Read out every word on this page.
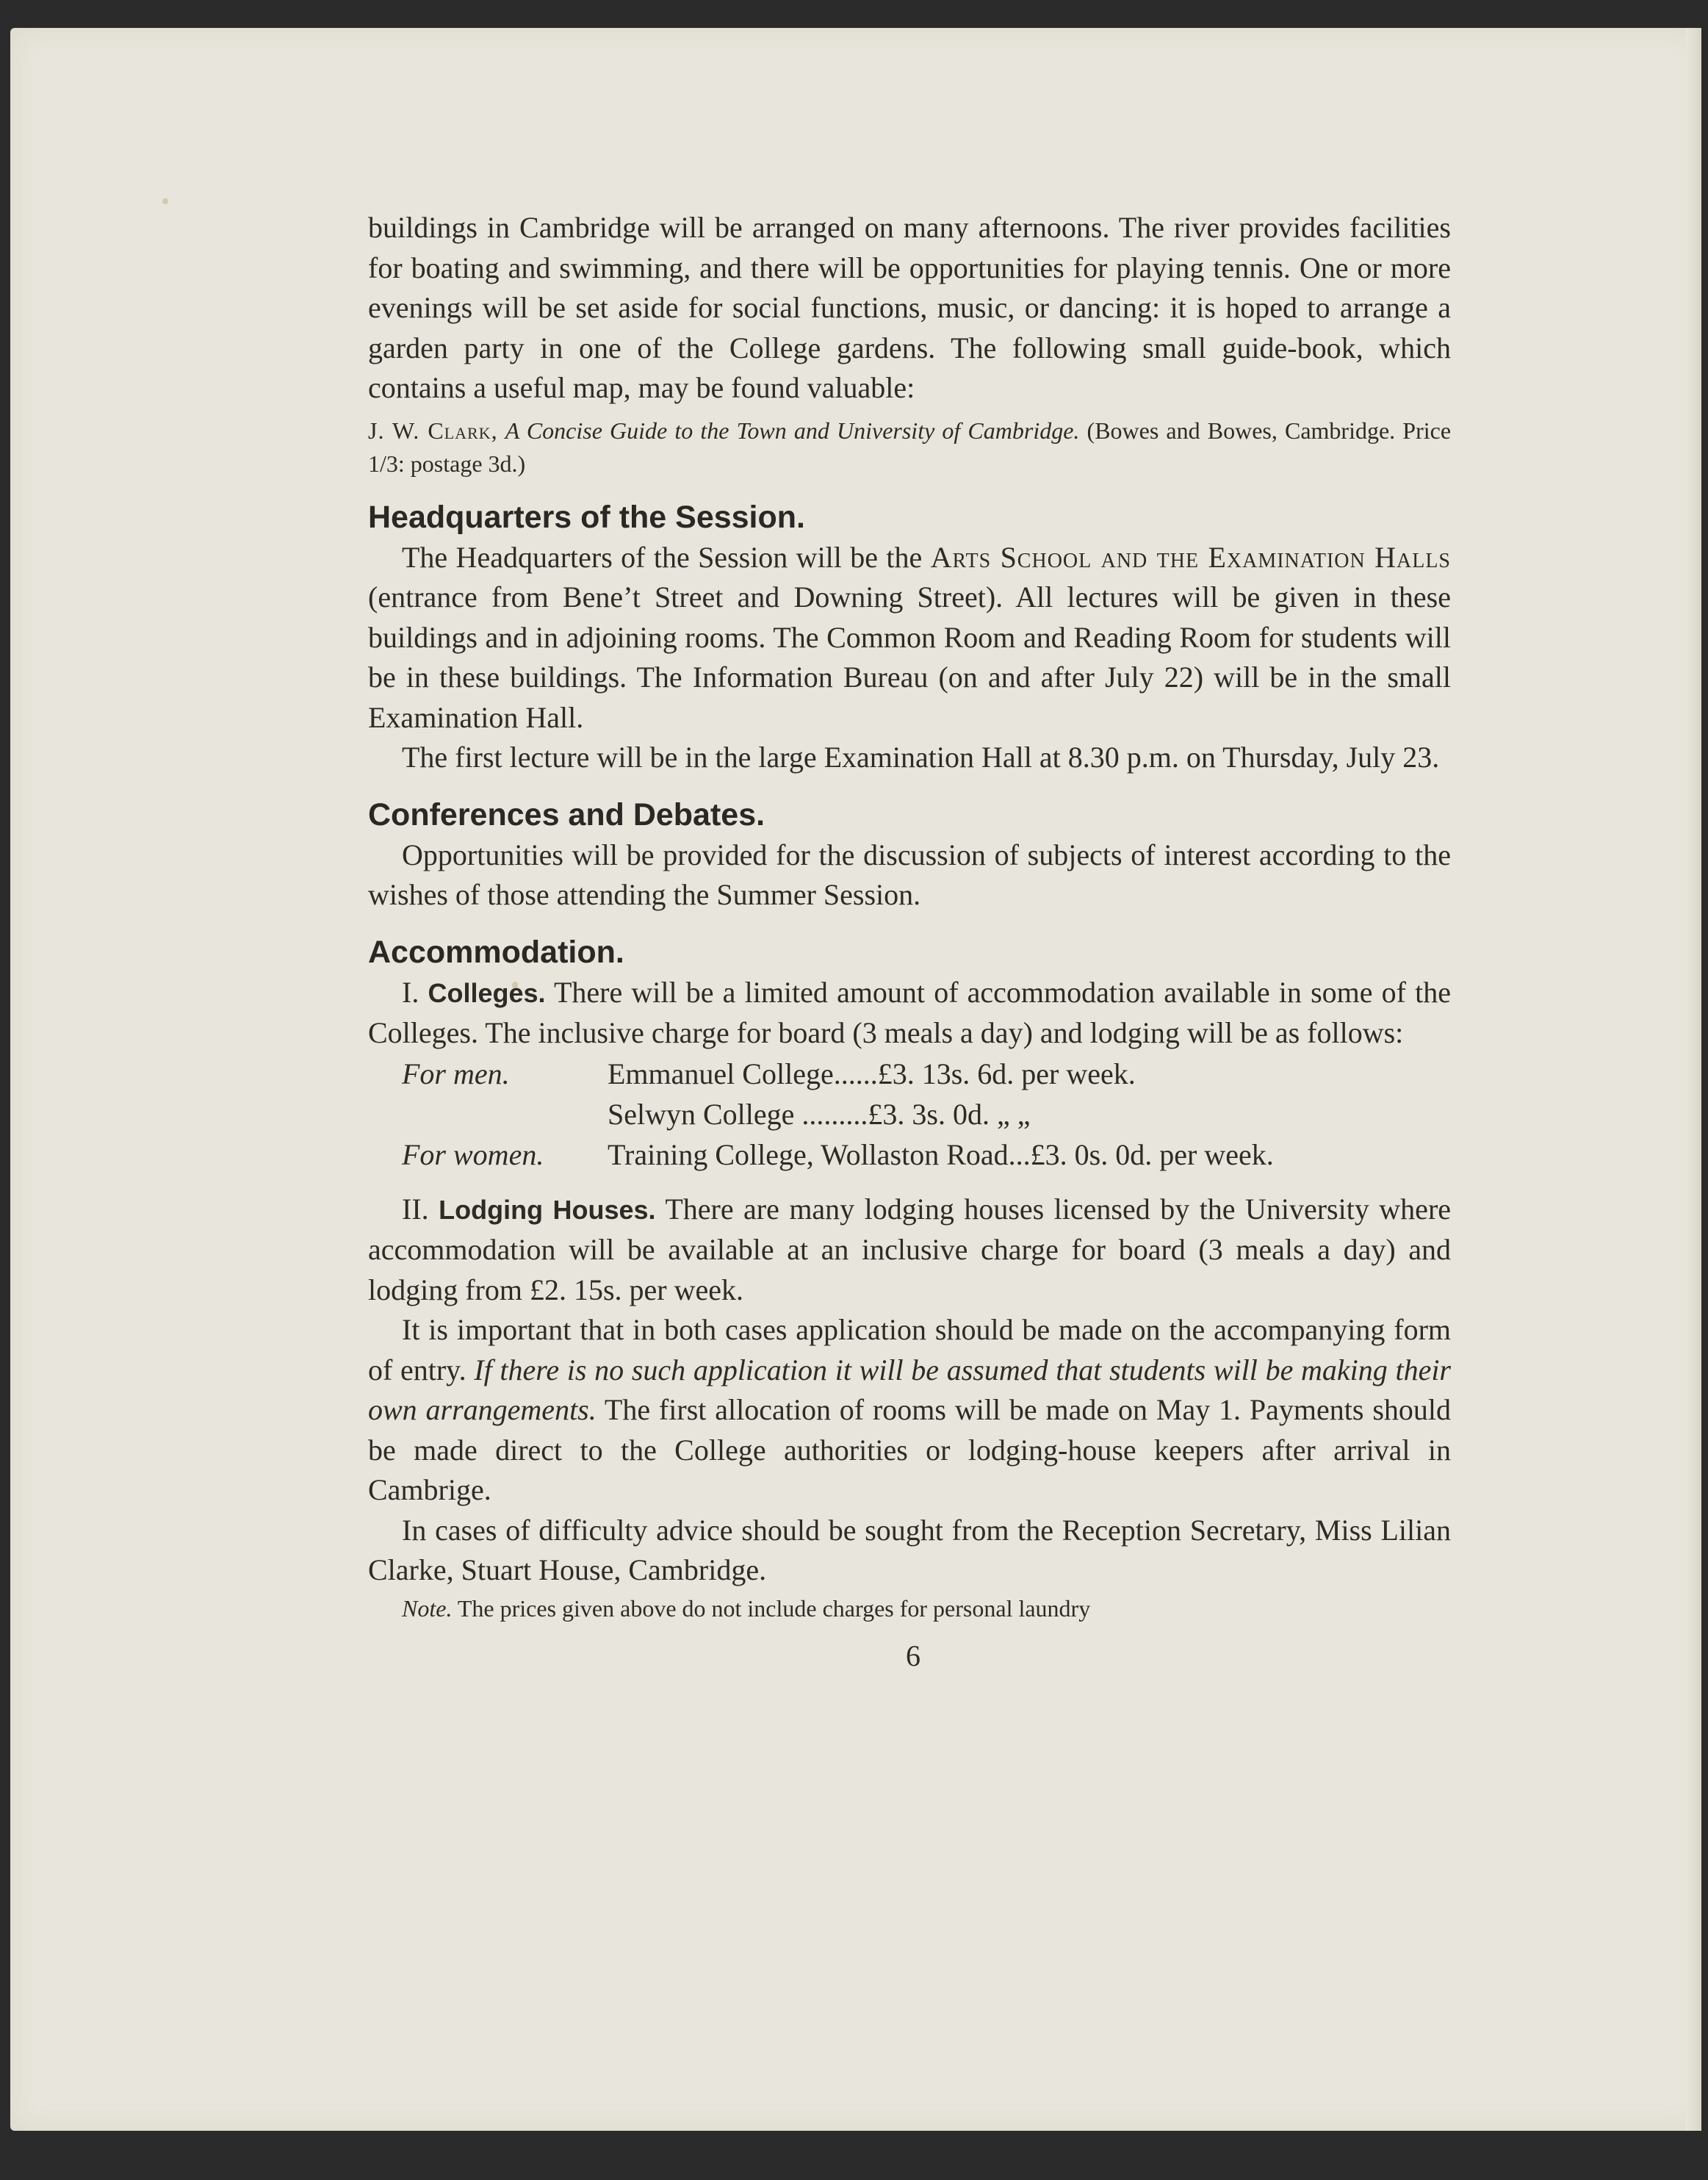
buildings in Cambridge will be arranged on many afternoons. The river provides facilities for boating and swimming, and there will be opportunities for playing tennis. One or more evenings will be set aside for social functions, music, or dancing: it is hoped to arrange a garden party in one of the College gardens. The following small guide-book, which contains a useful map, may be found valuable:

J. W. Clark, A Concise Guide to the Town and University of Cambridge. (Bowes and Bowes, Cambridge. Price 1/3: postage 3d.)

Headquarters of the Session.

The Headquarters of the Session will be the Arts School and the Examination Halls (entrance from Bene’t Street and Downing Street). All lectures will be given in these buildings and in adjoining rooms. The Common Room and Reading Room for students will be in these buildings. The Information Bureau (on and after July 22) will be in the small Examination Hall.

The first lecture will be in the large Examination Hall at 8.30 p.m. on Thursday, July 23.

Conferences and Debates.

Opportunities will be provided for the discussion of subjects of interest according to the wishes of those attending the Summer Session.

Accommodation.

I. Colleges. There will be a limited amount of accommodation available in some of the Colleges. The inclusive charge for board (3 meals a day) and lodging will be as follows:

For men.	Emmanuel College......£3. 13s. 6d. per week.
	Selwyn College .........£3. 3s. 0d. „ „
For women.	Training College, Wollaston Road...£3. 0s. 0d. per week.

II. Lodging Houses. There are many lodging houses licensed by the University where accommodation will be available at an inclusive charge for board (3 meals a day) and lodging from £2. 15s. per week.

It is important that in both cases application should be made on the accompanying form of entry. If there is no such application it will be assumed that students will be making their own arrangements. The first allocation of rooms will be made on May 1. Payments should be made direct to the College authorities or lodging-house keepers after arrival in Cambrige.

In cases of difficulty advice should be sought from the Reception Secretary, Miss Lilian Clarke, Stuart House, Cambridge.

Note. The prices given above do not include charges for personal laundry

6
